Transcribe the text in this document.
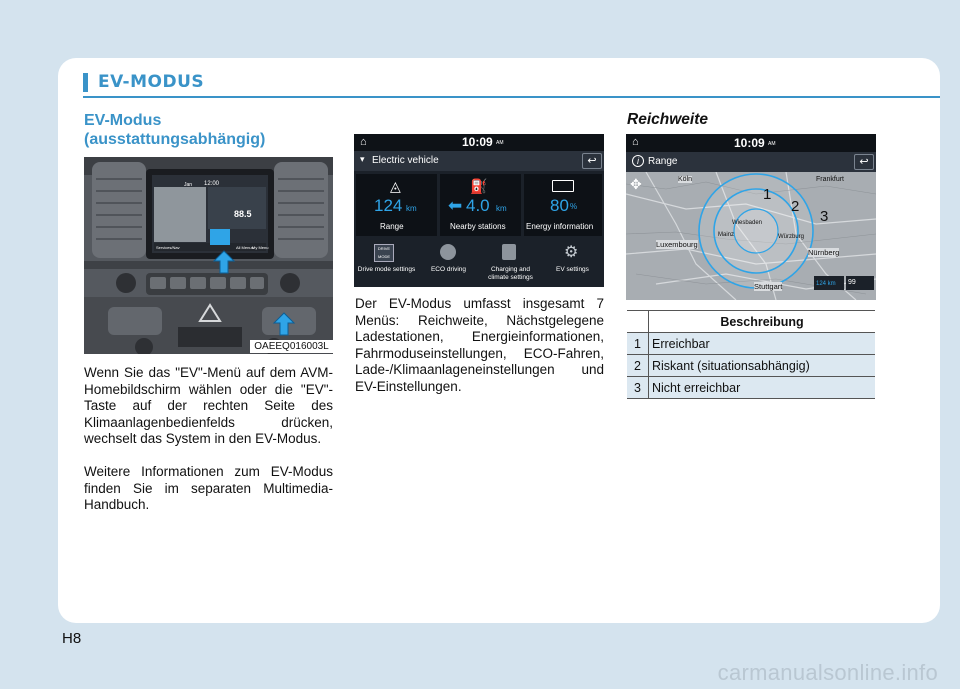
EV-MODUS
EV-Modus
(ausstattungsabhängig)
Jan 12:00
88.5
All Menus
My Menu
Services/Nav
OAEEQ016003L
Wenn Sie das "EV"-Menü auf dem AVM-Homebildschirm wählen oder die "EV"-Taste auf der rechten Seite des Klimaanlagenbedienfelds drücken, wechselt das System in den EV-Modus.
Weitere Informationen zum EV-Modus finden Sie im separaten Multimedia-Handbuch.
⌂	10:09 AM
▾ Electric vehicle	↩
◬
124 km
Range
⛽
⬅ 4.0 km
Nearby stations
80 %
Energy information
DRIVE MODE
Drive mode settings	ECO driving	Charging and climate settings
⚙
EV settings
Der EV-Modus umfasst insgesamt 7 Menüs: Reichweite, Nächstgelegene Ladestationen, Energieinformationen, Fahrmoduseinstellungen, ECO-Fahren, Lade-/Klimaanlageneinstellungen und EV-Einstellungen.
Reichweite
⌂	10:09 AM
i Range	↩
✥	Köln	Frankfurt
Luxembourg
Stuttgart
Nürnberg
Würzburg
Wiesbaden
Mainz
1
2
3
124 km 99
	Beschreibung
1	Erreichbar
2	Riskant (situationsabhängig)
3	Nicht erreichbar
H8
carmanualsonline.info
